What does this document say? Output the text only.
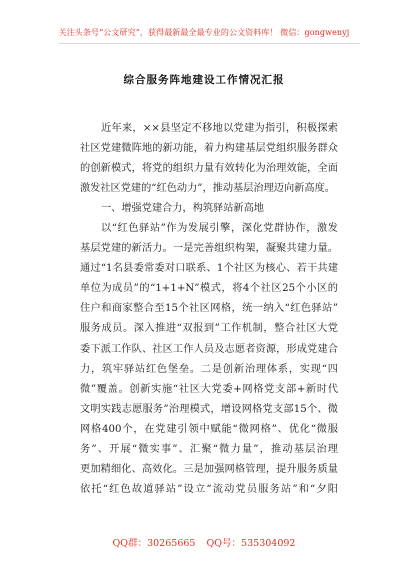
关注头条号“公文研究”，获得最新最全最专业的公文资料库！ 微信：gongwenyj
综合服务阵地建设工作情况汇报
近年来，××县坚定不移地以党建为指引，积极探索
社区党建微阵地的新功能，着力构建基层党组织服务群众
的创新模式，将党的组织力量有效转化为治理效能，全面
激发社区党建的“红色动力”，推动基层治理迈向新高度。
一、增强党建合力，构筑驿站新高地
以“红色驿站”作为发展引擎，深化党群协作，激发
基层党建的新活力。一是完善组织构架，凝聚共建力量。
通过“1名县委常委对口联系、1个社区为核心、若干共建
单位为成员”的“1+1+N”模式，将4个社区25个小区的
住户和商家整合至15个社区网格，统一纳入“红色驿站”
服务成员。深入推进“双报到”工作机制，整合社区大党
委下派工作队、社区工作人员及志愿者资源，形成党建合
力，筑牢驿站红色堡垒。二是创新治理体系，实现“四
微”覆盖。创新实施“社区大党委+网格党支部+新时代
文明实践志愿服务”治理模式，增设网格党支部15个、微
网格400个，在党建引领中赋能“微网格”、优化“微服
务”、开展“微实事”、汇聚“微力量”，推动基层治理
更加精细化、高效化。三是加强网格管理，提升服务质量
依托“红色故道驿站”设立“流动党员服务站”和“夕阳
QQ群：30265665 QQ号：535304092
